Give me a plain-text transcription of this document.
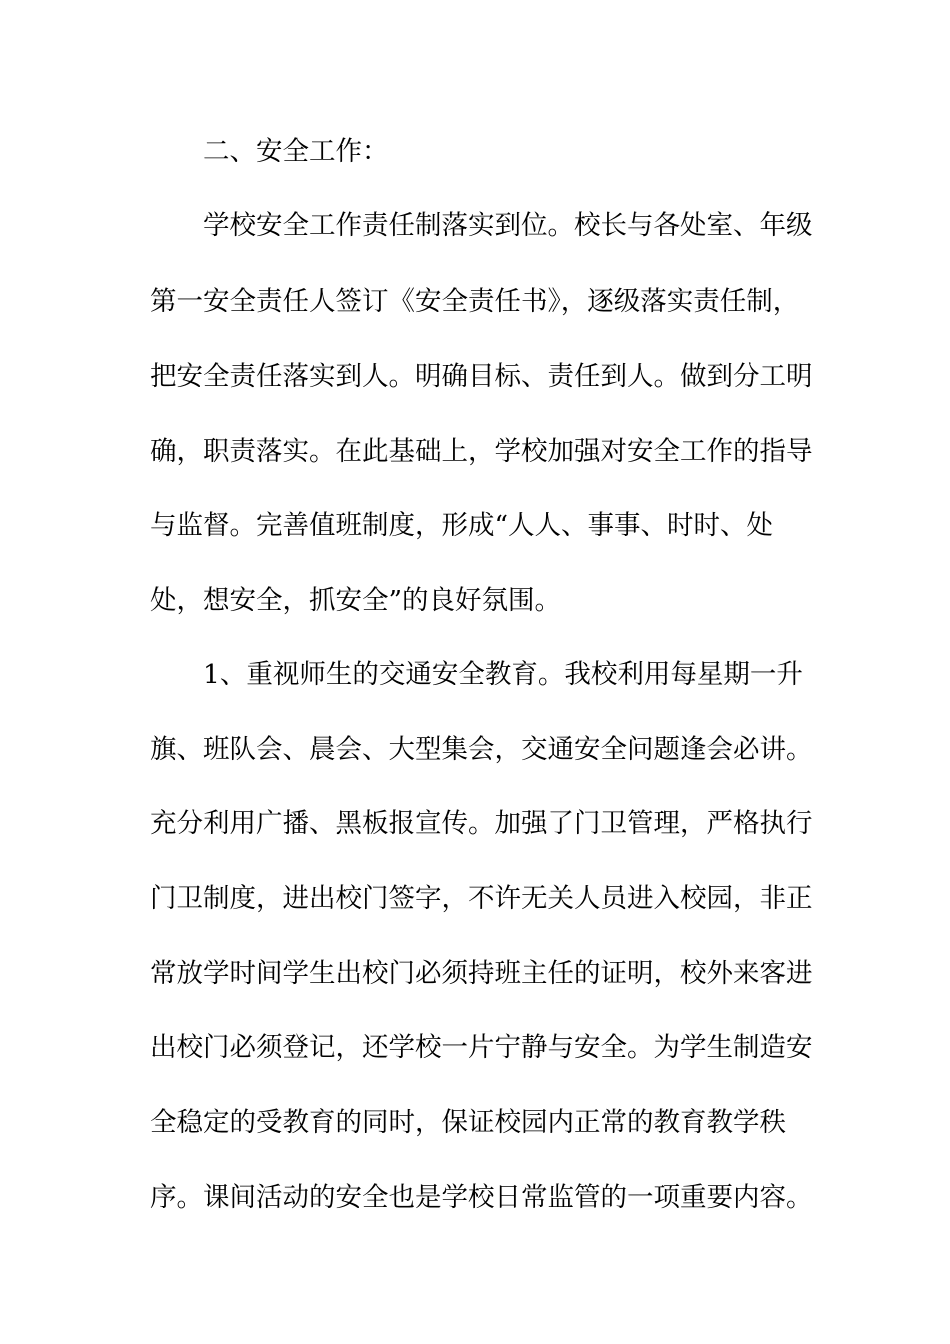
二、安全工作：
学校安全工作责任制落实到位。校长与各处室、年级
第一安全责任人签订《安全责任书》，逐级落实责任制，
把安全责任落实到人。明确目标、责任到人。做到分工明
确，职责落实。在此基础上，学校加强对安全工作的指导
与监督。完善值班制度，形成“人人、事事、时时、处
处，想安全，抓安全”的良好氛围。
1、重视师生的交通安全教育。我校利用每星期一升
旗、班队会、晨会、大型集会，交通安全问题逢会必讲。
充分利用广播、黑板报宣传。加强了门卫管理，严格执行
门卫制度，进出校门签字，不许无关人员进入校园，非正
常放学时间学生出校门必须持班主任的证明，校外来客进
出校门必须登记，还学校一片宁静与安全。为学生制造安
全稳定的受教育的同时，保证校园内正常的教育教学秩
序。课间活动的安全也是学校日常监管的一项重要内容。
